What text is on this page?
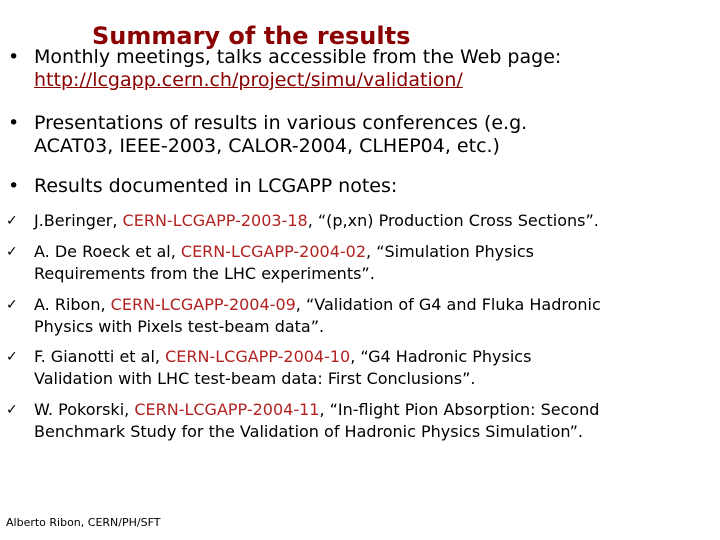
Summary of the results
• Monthly meetings, talks accessible from the Web page:
http://lcgapp.cern.ch/project/simu/validation/
• Presentations of results in various conferences (e.g.
ACAT03, IEEE-2003, CALOR-2004, CLHEP04, etc.)
• Results documented in LCGAPP notes:
✓	J.Beringer, CERN-LCGAPP-2003-18, “(p,xn) Production Cross Sections”.
✓	A. De Roeck et al, CERN-LCGAPP-2004-02, “Simulation Physics
Requirements from the LHC experiments”.
✓	A. Ribon, CERN-LCGAPP-2004-09, “Validation of G4 and Fluka Hadronic
Physics with Pixels test-beam data”.
✓	F. Gianotti et al, CERN-LCGAPP-2004-10, “G4 Hadronic Physics
Validation with LHC test-beam data: First Conclusions”.
✓	W. Pokorski, CERN-LCGAPP-2004-11, “In-flight Pion Absorption: Second
Benchmark Study for the Validation of Hadronic Physics Simulation”.
Alberto Ribon, CERN/PH/SFT
